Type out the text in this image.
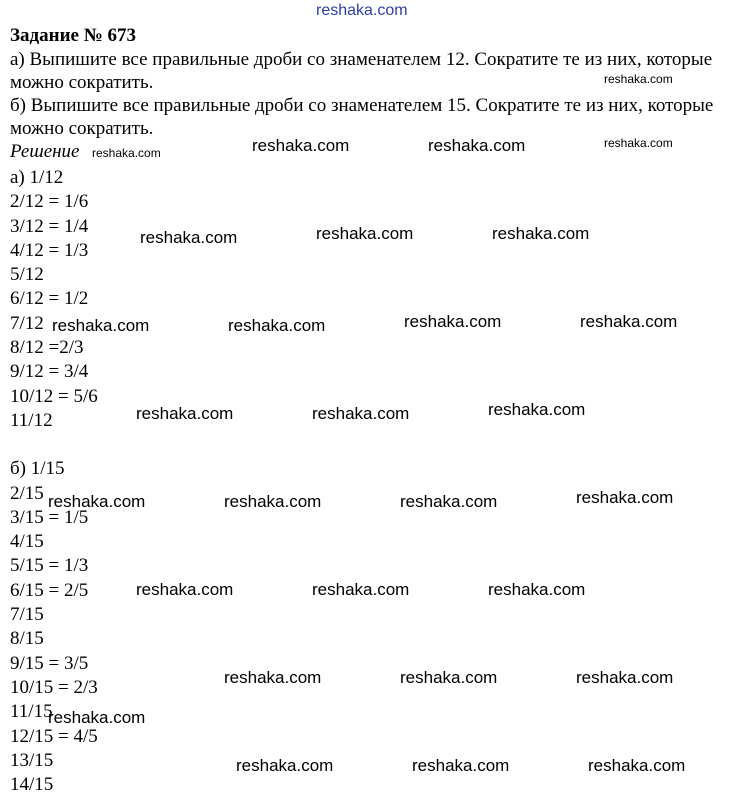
Задание № 673
а) Выпишите все правильные дроби со знаменателем 12. Сократите те из них, которые можно сократить.
б) Выпишите все правильные дроби со знаменателем 15. Сократите те из них, которые можно сократить.
Решение
а) 1/12
2/12 = 1/6
3/12 = 1/4
4/12 = 1/3
5/12
6/12 = 1/2
7/12
8/12 =2/3
9/12 = 3/4
10/12 = 5/6
11/12
б) 1/15
2/15
3/15 = 1/5
4/15
5/15 = 1/3
6/15 = 2/5
7/15
8/15
9/15 = 3/5
10/15 = 2/3
11/15
12/15 = 4/5
13/15
14/15
reshaka.com
reshaka.com
reshaka.com
reshaka.com	reshaka.com	reshaka.com
reshaka.com	reshaka.com	reshaka.com
reshaka.com	reshaka.com	reshaka.com	reshaka.com
reshaka.com	reshaka.com	reshaka.com
reshaka.com	reshaka.com	reshaka.com	reshaka.com
reshaka.com	reshaka.com	reshaka.com
reshaka.com	reshaka.com	reshaka.com
reshaka.com
reshaka.com	reshaka.com	reshaka.com
